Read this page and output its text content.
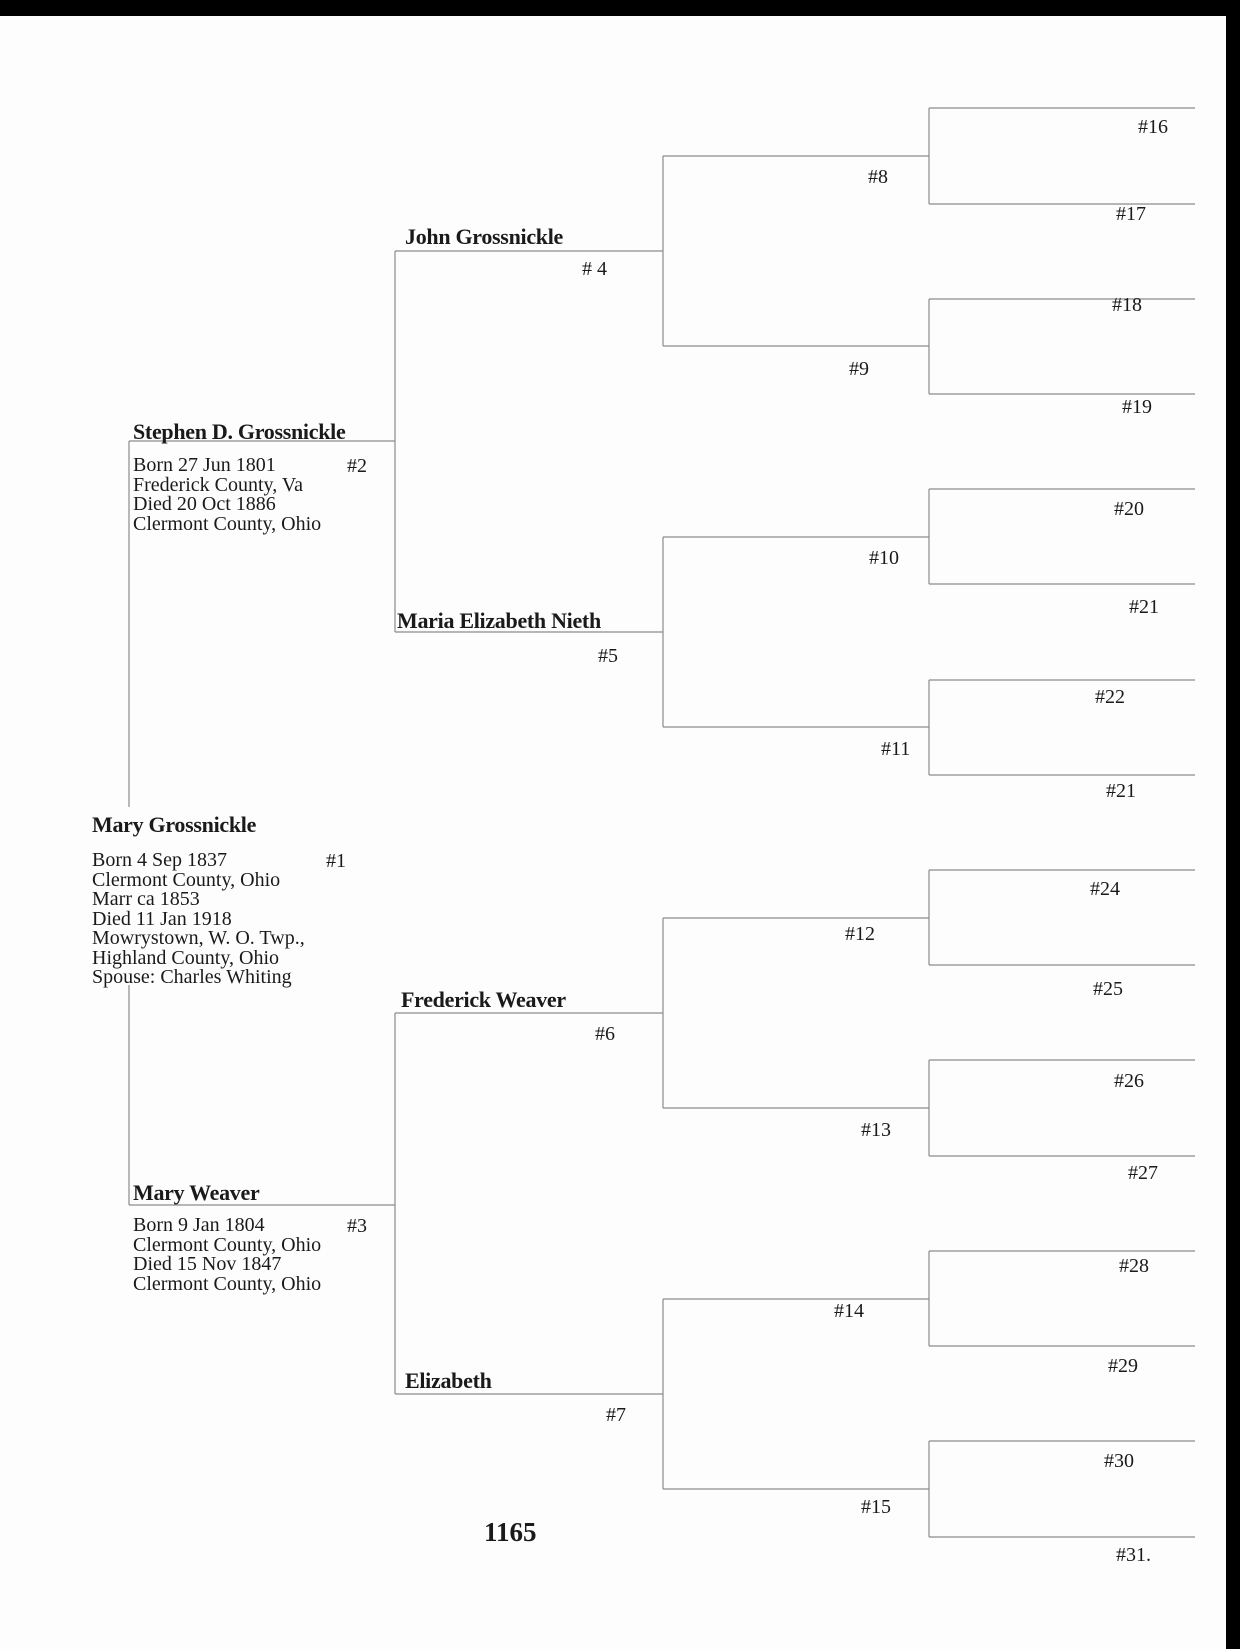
Mary Grossnickle
#1
Born 4 Sep 1837
Clermont County, Ohio
Marr ca 1853
Died 11 Jan 1918
Mowrystown, W. O. Twp.,
Highland County, Ohio
Spouse: Charles Whiting
Stephen D. Grossnickle
#2
Born 27 Jun 1801
Frederick County, Va
Died 20 Oct 1886
Clermont County, Ohio
Mary Weaver
#3
Born 9 Jan 1804
Clermont County, Ohio
Died 15 Nov 1847
Clermont County, Ohio
John Grossnickle
# 4
Maria Elizabeth Nieth
#5
Frederick Weaver
#6
Elizabeth
#7
#8
#9
#10
#11
#12
#13
#14
#15
#16
#17
#18
#19
#20
#21
#22
#21
#24
#25
#26
#27
#28
#29
#30
#31.
1165
